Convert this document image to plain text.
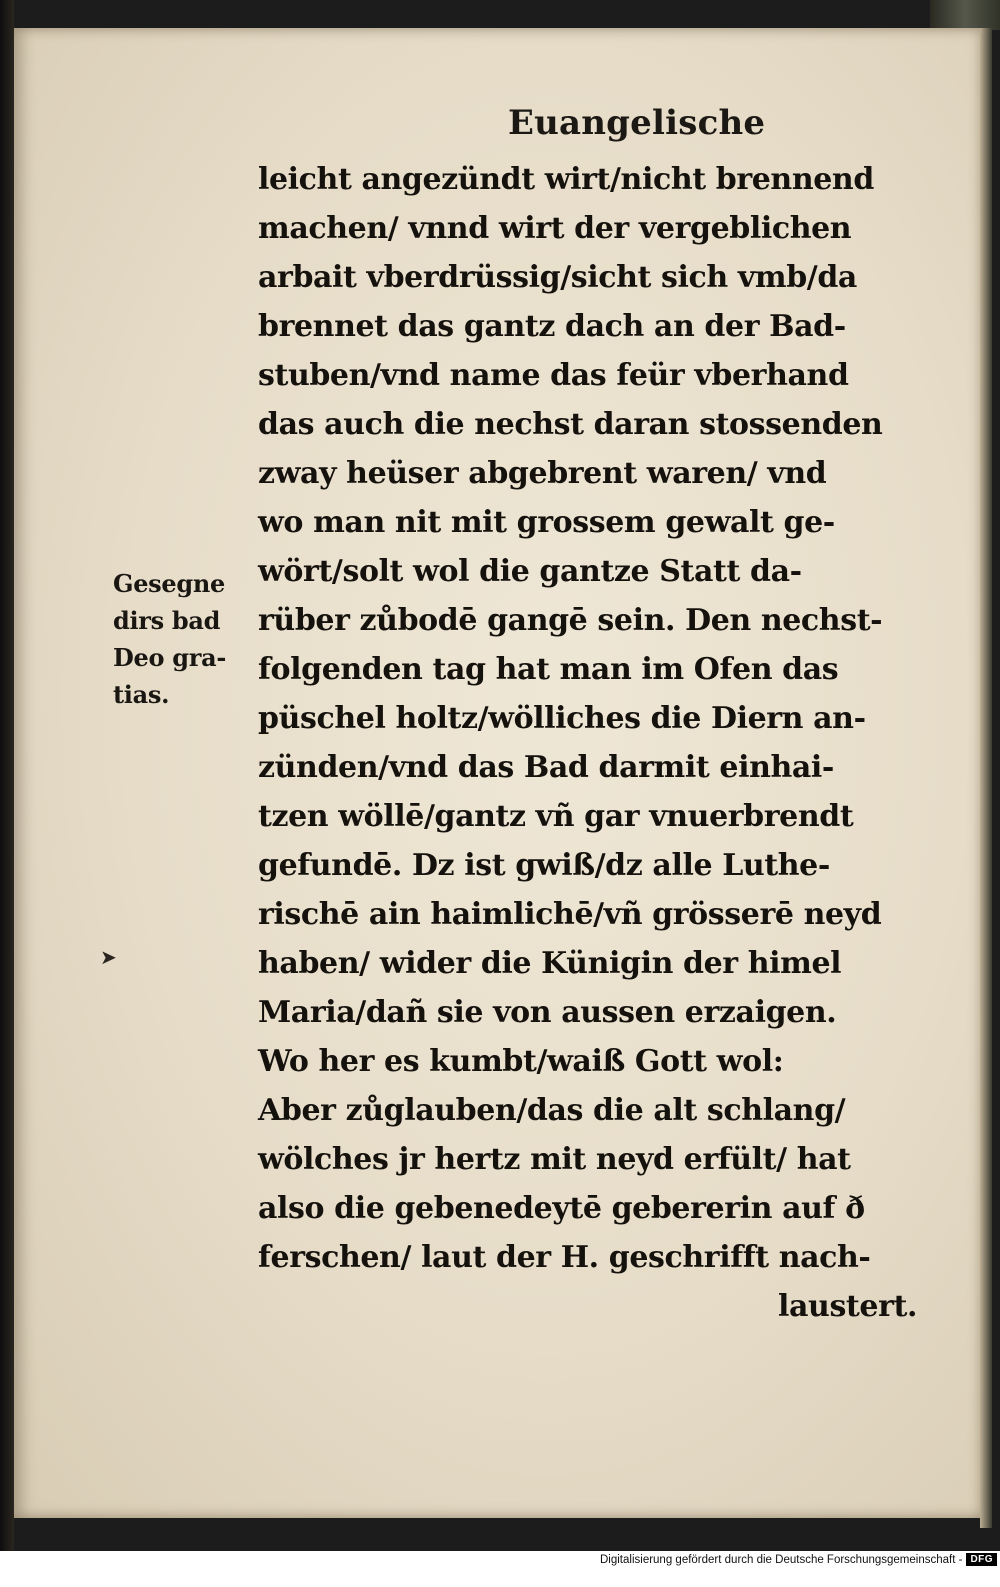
Euangelische
leicht angezündt wirt/nicht brennend
machen/ vnnd wirt der vergeblichen
arbait vberdrüssig/sicht sich vmb/da
brennet das gantz dach an der Bad-
stuben/vnd name das feür vberhand
das auch die nechst daran stossenden
zway heüser abgebrent waren/ vnd
wo man nit mit grossem gewalt ge-
wört/solt wol die gantze Statt da-
rüber zůbodē gangē sein. Den nechst-
folgenden tag hat man im Ofen das
püschel holtz/wölliches die Diern an-
zünden/vnd das Bad darmit einhai-
tzen wöllē/gantz vñ gar vnuerbrendt
gefundē. Dz ist gwiß/dz alle Luthe-
rischē ain haimlichē/vñ grösserē neyd
haben/ wider die Künigin der himel
Maria/dañ sie von aussen erzaigen.
Wo her es kumbt/waiß Gott wol:
Aber zůglauben/das die alt schlang/
wölches jr hertz mit neyd erfült/ hat
also die gebenedeytē gebererin auf ð
ferschen/ laut der H. geschrifft nach-
laustert.
Gesegne
dirs bad
Deo gra-
tias.
➤
Digitalisierung gefördert durch die Deutsche Forschungsgemeinschaft - DFG
